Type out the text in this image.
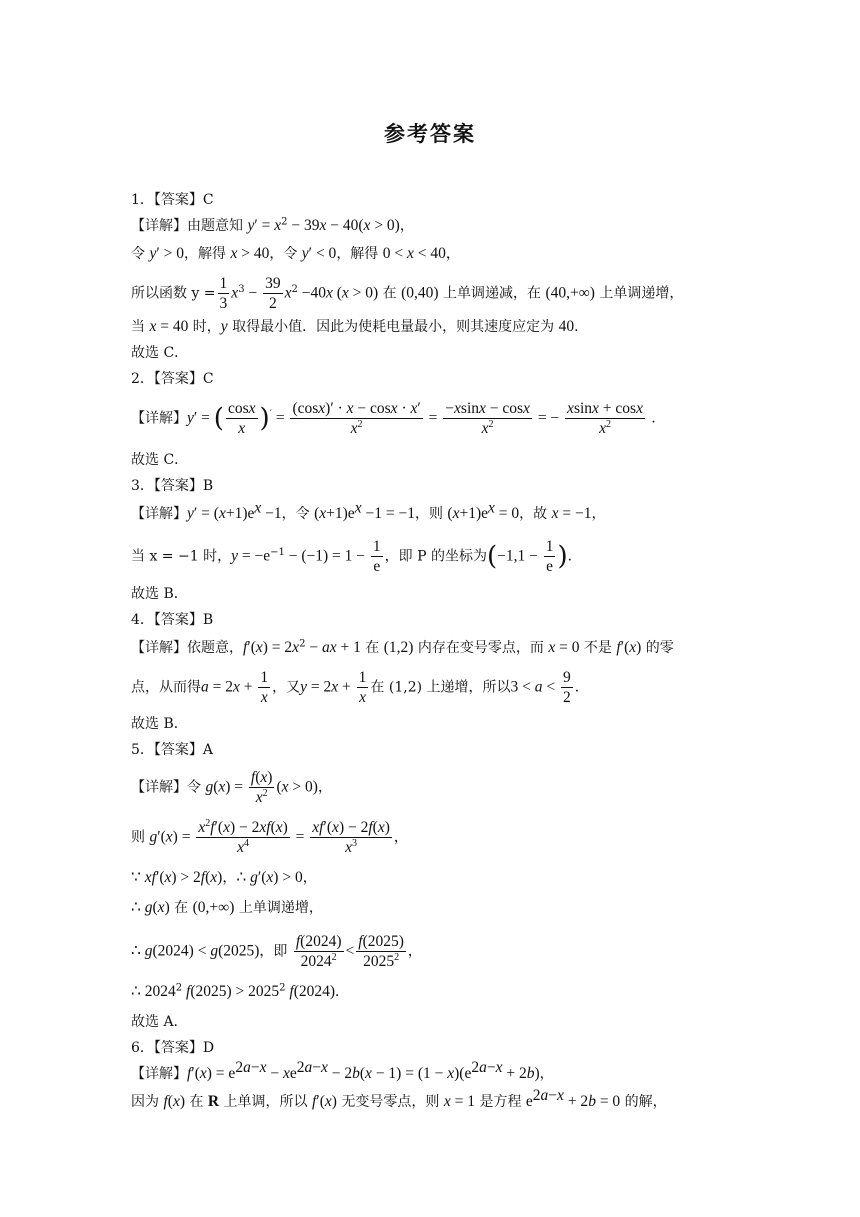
参考答案
1．【答案】C
【详解】由题意知 $y' = x^2 - 39x - 40(x > 0)$，
令 y′ > 0，解得 x > 40，令 y′ < 0，解得 0 < x < 40，
所以函数 $y = \frac{1}{3} x^3 - \frac{39}{2} x^2 -40x$ (x > 0) 在 (0,40) 上单调递减，在 (40,+∞) 上单调递增，
当 x = 40 时，y 取得最小值．因此为使耗电量最小，则其速度应定为 40．
故选 C．
2．【答案】C
【详解】y′ = ( $\frac{\cos x}{x} )' = \frac{(\cos x)' \cdot x - \cos x \cdot x'}{x^2} = \frac{-xsinx - \cos x}{x^2}$ = − $\frac{xsinx + \cos x}{x^2}$ ．
故选 C．
3．【答案】B
【详解】$y' = (x+1)e^x -1$，令 $(x+1)e^x -1 = -1$，则 $(x+1)e^x = 0$，故 x = −1，
当 x = −1 时，$y = -e^{-1} - (-1) = 1 - \frac{1}{e}$ ，即 P 的坐标为($-1,1 - \frac{1}{e}$ )．
故选 B．
4．【答案】B
【详解】依题意，$f'(x) = 2x^2$ − ax + 1 在 (1,2) 内存在变号零点，而 x = 0 不是 f′(x) 的零
点，从而得$a = 2x + \frac{1}{x}$ ，又$y = 2x + \frac{1}{x}$ 在 (1,2) 上递增，所以$3 < a < \frac{9}{2}$ ．
故选 B．
5．【答案】A
【详解】令 $g(x) = \frac{f(x)}{x^2} (x > 0)$，
则 $g'(x) = \frac{x^2f'(x) - 2xf(x)}{x^4} = \frac{xf'(x) - 2f(x)}{x^3}$ ，
∵ xf′(x) > 2f(x)，∴ g′(x) > 0，
∴ g(x) 在 (0,+∞) 上单调递增，
∴ g(2024) < g(2025)，即 $\frac{f(2024)}{2024^2} < \frac{f(2025)}{2025^2}$ ，
∴ 2024$^2$ $f(2025) > 2025^2$ f(2024)．
故选 A．
6．【答案】D
【详解】$f'(x) = e^{2a-x} - xe^{2a-x} - 2b(x - 1) = (1 - x)(e^{2a-x} + 2b)$，
因为 f(x) 在 R 上单调，所以 f′(x) 无变号零点，则 x = 1 是方程 $e^{2a-x} + 2b = 0$ 的解，
